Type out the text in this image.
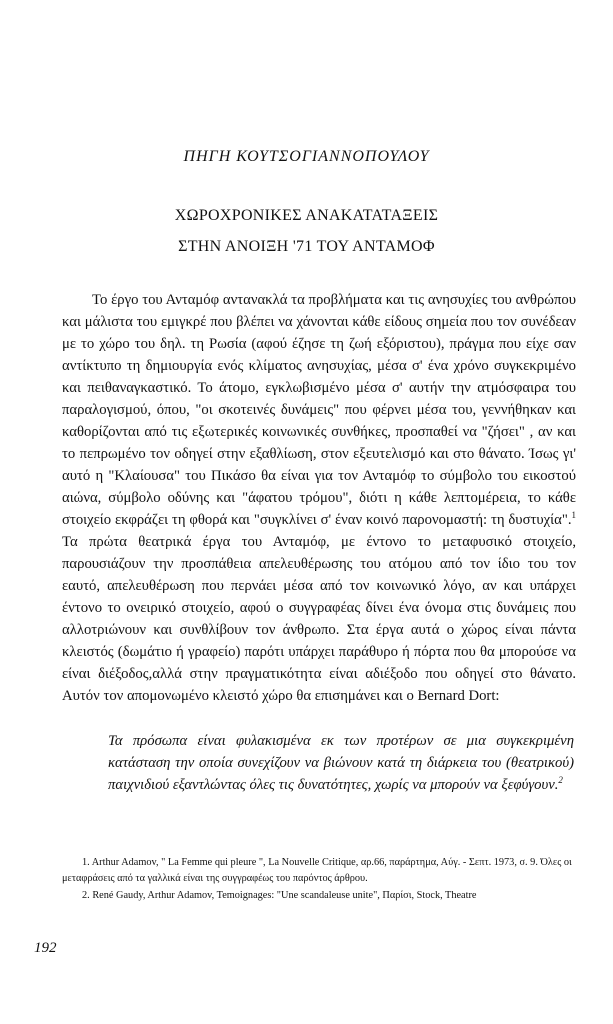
ΠΗΓΗ ΚΟΥΤΣΟΓΙΑΝΝΟΠΟΥΛΟΥ
ΧΩΡΟΧΡΟΝΙΚΕΣ ΑΝΑΚΑΤΑΤΑΞΕΙΣ
ΣΤΗΝ ΑΝΟΙΞΗ '71 ΤΟΥ ΑΝΤΑΜΟΦ

Το έργο του Ανταμόφ αντανακλά τα προβλήματα και τις ανησυχίες του ανθρώπου και μάλιστα του εμιγκρέ που βλέπει να χάνονται κάθε είδους σημεία που τον συνέδεαν με το χώρο του δηλ. τη Ρωσία (αφού έζησε τη ζωή εξόριστου), πράγμα που είχε σαν αντίκτυπο τη δημιουργία ενός κλίματος ανησυχίας, μέσα σ' ένα χρόνο συγκεκριμένο και πειθαναγκαστικό. Το άτομο, εγκλωβισμένο μέσα σ' αυτήν την ατμόσφαιρα του παραλογισμού, όπου, "οι σκοτεινές δυνάμεις" που φέρνει μέσα του, γεννήθηκαν και καθορίζονται από τις εξωτερικές κοινωνικές συνθήκες, προσπαθεί να "ζήσει" , αν και το πεπρωμένο τον οδηγεί στην εξαθλίωση, στον εξευτελισμό και στο θάνατο. Ίσως γι' αυτό η "Κλαίουσα" του Πικάσο θα είναι για τον Ανταμόφ το σύμβολο του εικοστού αιώνα, σύμβολο οδύνης και "άφατου τρόμου", διότι η κάθε λεπτομέρεια, το κάθε στοιχείο εκφράζει τη φθορά και "συγκλίνει σ' έναν κοινό παρονομαστή: τη δυστυχία".$^1$ Τα πρώτα θεατρικά έργα του Ανταμόφ, με έντονο το μεταφυσικό στοιχείο, παρουσιάζουν την προσπάθεια απελευθέρωσης του ατόμου από τον ίδιο του τον εαυτό, απελευθέρωση που περνάει μέσα από τον κοινωνικό λόγο, αν και υπάρχει έντονο το ονειρικό στοιχείο, αφού ο συγγραφέας δίνει ένα όνομα στις δυνάμεις που αλλοτριώνουν και συνθλίβουν τον άνθρωπο. Στα έργα αυτά ο χώρος είναι πάντα κλειστός (δωμάτιο ή γραφείο) παρότι υπάρχει παράθυρο ή πόρτα που θα μπορούσε να είναι διέξοδος,αλλά στην πραγματικότητα είναι αδιέξοδο που οδηγεί στο θάνατο. Αυτόν τον απομονωμένο κλειστό χώρο θα επισημάνει και ο Bernard Dort:

Τα πρόσωπα είναι φυλακισμένα εκ των προτέρων σε μια συγκεκριμένη κατάσταση την οποία συνεχίζουν να βιώνουν κατά τη διάρκεια του (θεατρικού) παιχνιδιού εξαντλώντας όλες τις δυνατότητες, χωρίς να μπορούν να ξεφύγουν.$^2$
1. Arthur Adamov, " La Femme qui pleure ", La Nouvelle Critique, αρ.66, παράρτημα, Αύγ. - Σεπτ. 1973, σ. 9. Όλες οι μεταφράσεις από τα γαλλικά είναι της συγγραφέως του παρόντος άρθρου.
2. René Gaudy, Arthur Adamov, Temoignages: "Une scandaleuse unite", Παρίσι, Stock, Theatre
192
